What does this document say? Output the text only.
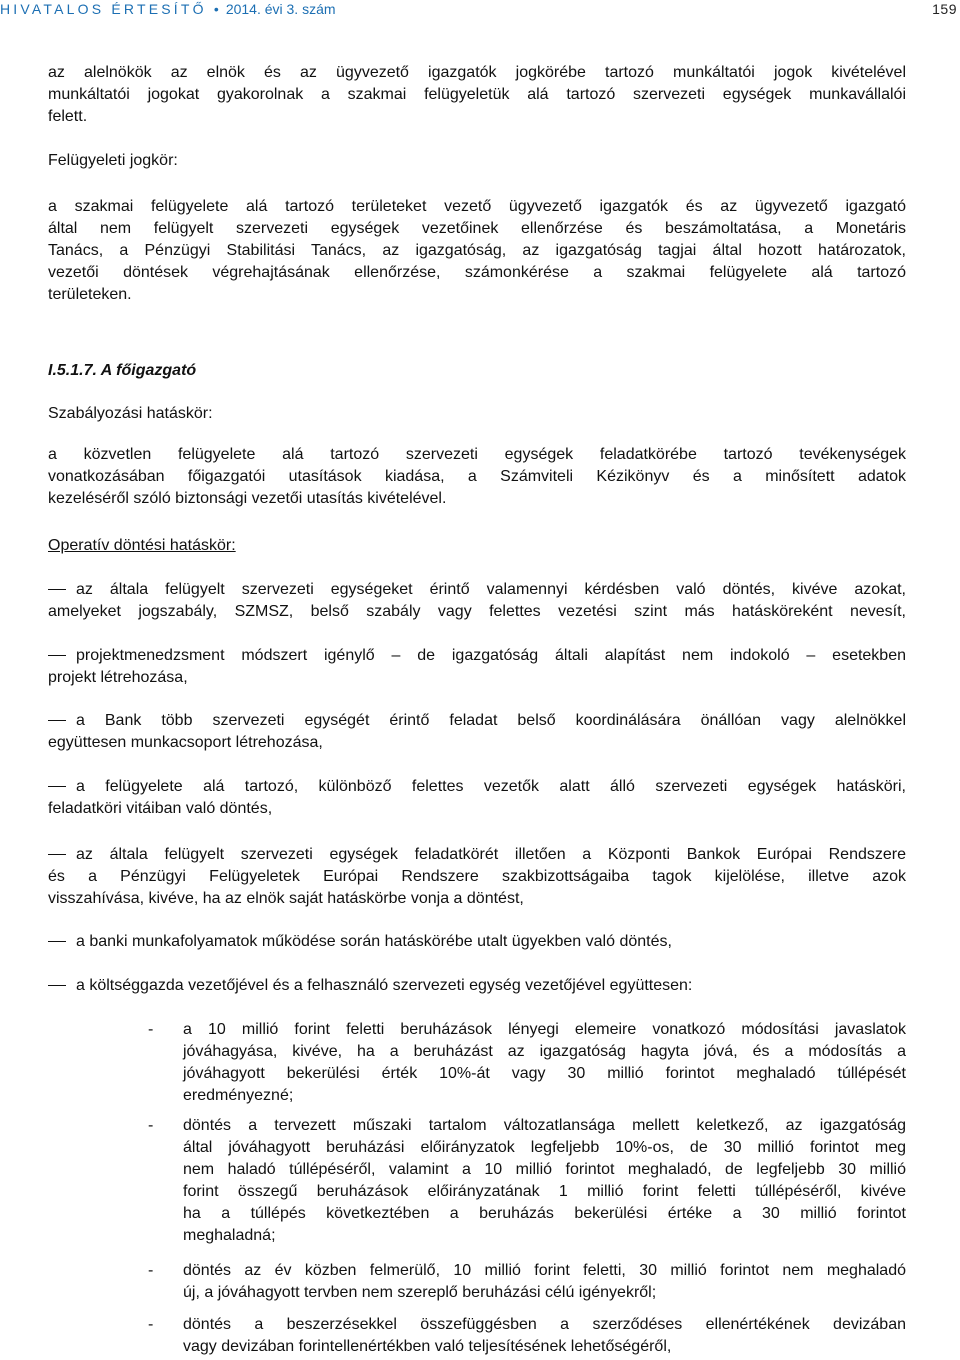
HIVATALOS ÉRTESÍTŐ • 2014. évi 3. szám	159
az alelnökök az elnök és az ügyvezető igazgatók jogkörébe tartozó munkáltatói jogok kivételével
munkáltatói jogokat gyakorolnak a szakmai felügyeletük alá tartozó szervezeti egységek munkavállalói
felett.
Felügyeleti jogkör:
a szakmai felügyelete alá tartozó területeket vezető ügyvezető igazgatók és az ügyvezető igazgató
által nem felügyelt szervezeti egységek vezetőinek ellenőrzése és beszámoltatása, a Monetáris
Tanács, a Pénzügyi Stabilitási Tanács, az igazgatóság, az igazgatóság tagjai által hozott határozatok,
vezetői döntések végrehajtásának ellenőrzése, számonkérése a szakmai felügyelete alá tartozó
területeken.
I.5.1.7. A főigazgató
Szabályozási hatáskör:
a közvetlen felügyelete alá tartozó szervezeti egységek feladatkörébe tartozó tevékenységek
vonatkozásában főigazgatói utasítások kiadása, a Számviteli Kézikönyv és a minősített adatok
kezeléséről szóló biztonsági vezetői utasítás kivételével.
Operatív döntési hatáskör:
az általa felügyelt szervezeti egységeket érintő valamennyi kérdésben való döntés, kivéve azokat,
amelyeket jogszabály, SZMSZ, belső szabály vagy felettes vezetési szint más hatásköreként nevesít,
projektmenedzsment módszert igénylő – de igazgatóság általi alapítást nem indokoló – esetekben
projekt létrehozása,
a Bank több szervezeti egységét érintő feladat belső koordinálására önállóan vagy alelnökkel
együttesen munkacsoport létrehozása,
a felügyelete alá tartozó, különböző felettes vezetők alatt álló szervezeti egységek hatásköri,
feladatköri vitáiban való döntés,
az általa felügyelt szervezeti egységek feladatkörét illetően a Központi Bankok Európai Rendszere
és a Pénzügyi Felügyeletek Európai Rendszere szakbizottságaiba tagok kijelölése, illetve azok
visszahívása, kivéve, ha az elnök saját hatáskörbe vonja a döntést,
a banki munkafolyamatok működése során hatáskörébe utalt ügyekben való döntés,
a költséggazda vezetőjével és a felhasználó szervezeti egység vezetőjével együttesen:
- a 10 millió forint feletti beruházások lényegi elemeire vonatkozó módosítási javaslatok
jóváhagyása, kivéve, ha a beruházást az igazgatóság hagyta jóvá, és a módosítás a
jóváhagyott bekerülési érték 10%-át vagy 30 millió forintot meghaladó túllépését
eredményezné;
- döntés a tervezett műszaki tartalom változatlansága mellett keletkező, az igazgatóság
által jóváhagyott beruházási előirányzatok legfeljebb 10%-os, de 30 millió forintot meg
nem haladó túllépéséről, valamint a 10 millió forintot meghaladó, de legfeljebb 30 millió
forint összegű beruházások előirányzatának 1 millió forint feletti túllépéséről, kivéve
ha a túllépés következtében a beruházás bekerülési értéke a 30 millió forintot
meghaladná;
- döntés az év közben felmerülő, 10 millió forint feletti, 30 millió forintot nem meghaladó
új, a jóváhagyott tervben nem szereplő beruházási célú igényekről;
- döntés a beszerzésekkel összefüggésben a szerződéses ellenértékének devizában
vagy devizában forintellenértékben való teljesítésének lehetőségéről,
